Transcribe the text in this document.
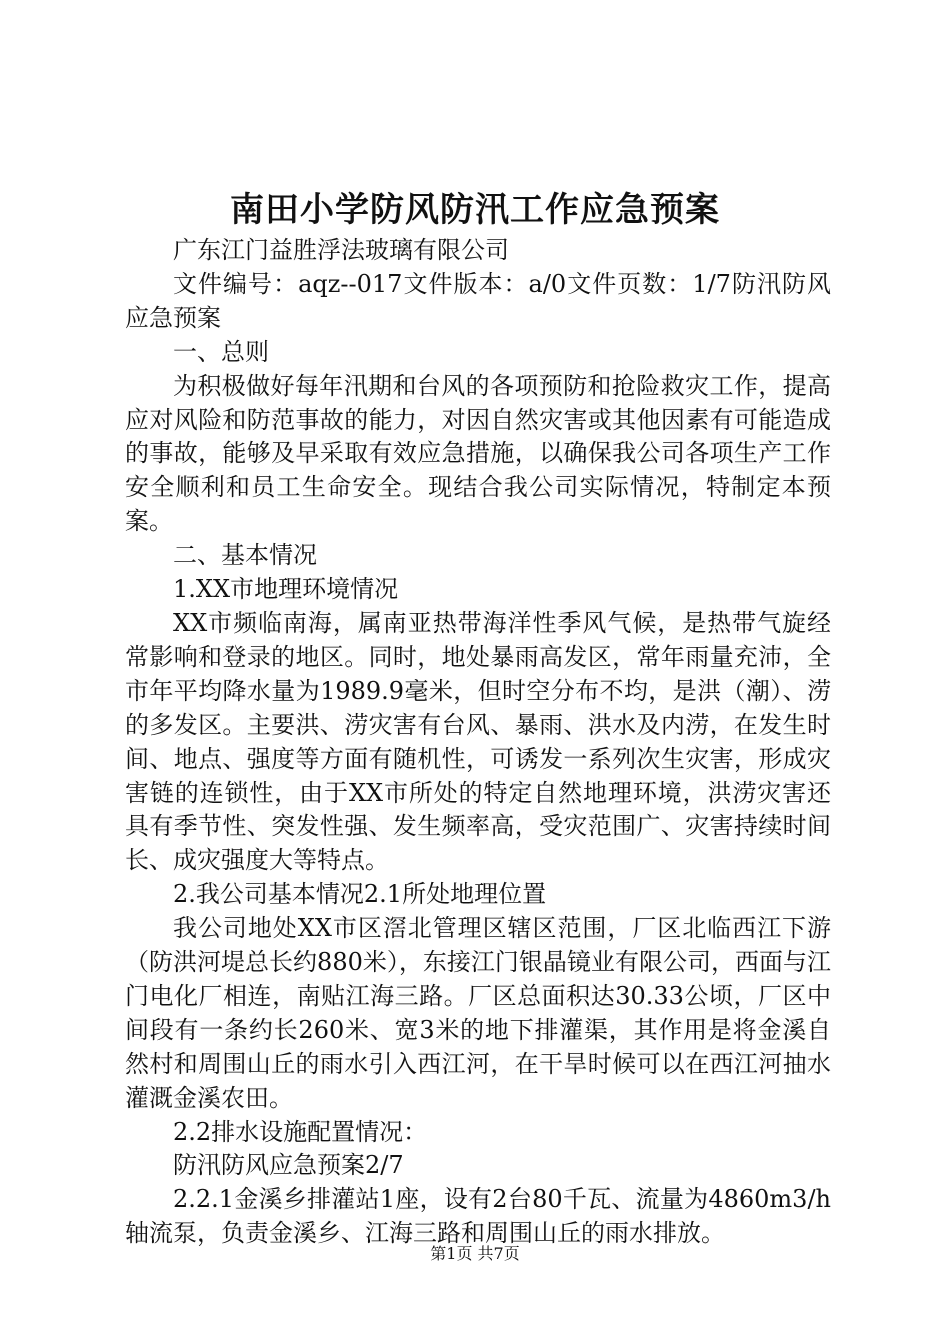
南田小学防风防汛工作应急预案

广东江门益胜浮法玻璃有限公司

文件编号：aqz--017文件版本：a/0文件页数：1/7防汛防风应急预案

一、总则

为积极做好每年汛期和台风的各项预防和抢险救灾工作，提高应对风险和防范事故的能力，对因自然灾害或其他因素有可能造成的事故，能够及早采取有效应急措施，以确保我公司各项生产工作安全顺利和员工生命安全。现结合我公司实际情况，特制定本预案。

二、基本情况

1.XX市地理环境情况

XX市频临南海，属南亚热带海洋性季风气候，是热带气旋经常影响和登录的地区。同时，地处暴雨高发区，常年雨量充沛，全市年平均降水量为1989.9毫米，但时空分布不均，是洪（潮）、涝的多发区。主要洪、涝灾害有台风、暴雨、洪水及内涝，在发生时间、地点、强度等方面有随机性，可诱发一系列次生灾害，形成灾害链的连锁性，由于XX市所处的特定自然地理环境，洪涝灾害还具有季节性、突发性强、发生频率高，受灾范围广、灾害持续时间长、成灾强度大等特点。

2.我公司基本情况2.1所处地理位置

我公司地处XX市区滘北管理区辖区范围，厂区北临西江下游（防洪河堤总长约880米），东接江门银晶镜业有限公司，西面与江门电化厂相连，南贴江海三路。厂区总面积达30.33公顷，厂区中间段有一条约长260米、宽3米的地下排灌渠，其作用是将金溪自然村和周围山丘的雨水引入西江河，在干旱时候可以在西江河抽水灌溉金溪农田。

2.2排水设施配置情况：

防汛防风应急预案2/7

2.2.1金溪乡排灌站1座，设有2台80千瓦、流量为4860m3/h轴流泵，负责金溪乡、江海三路和周围山丘的雨水排放。

第1页 共7页
